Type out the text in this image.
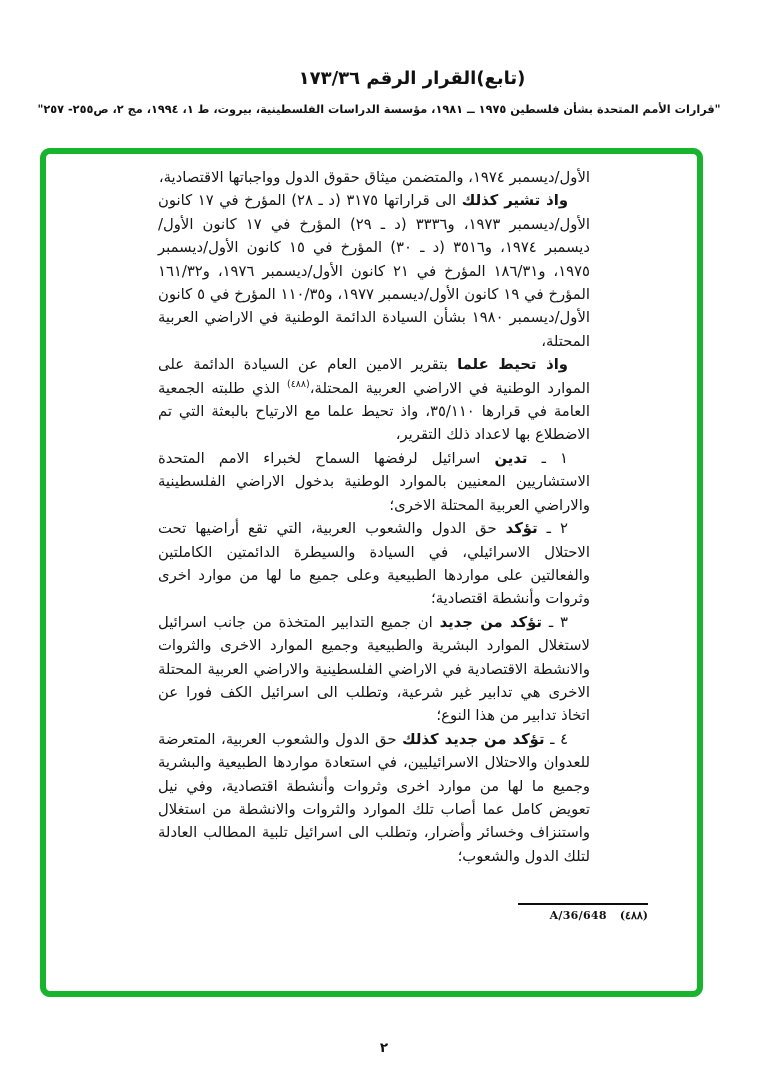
(تابع)القرار الرقم ١٧٣/٣٦
"قرارات الأمم المتحدة بشأن فلسطين ١٩٧٥ ــ ١٩٨١، مؤسسة الدراسات الفلسطينية، بيروت، ط ١، ١٩٩٤، مج ٢، ص٢٥٥- ٢٥٧"

الأول/ديسمبر ١٩٧٤، والمتضمن ميثاق حقوق الدول وواجباتها الاقتصادية،

واذ تشير كذلك الى قراراتها ٣١٧٥ (د ـ ٢٨) المؤرخ في ١٧ كانون الأول/ديسمبر ١٩٧٣، و٣٣٣٦ (د ـ ٢٩) المؤرخ في ١٧ كانون الأول/ديسمبر ١٩٧٤، و٣٥١٦ (د ـ ٣٠) المؤرخ في ١٥ كانون الأول/ديسمبر ١٩٧٥، و١٨٦/٣١ المؤرخ في ٢١ كانون الأول/ديسمبر ١٩٧٦، و١٦١/٣٢ المؤرخ في ١٩ كانون الأول/ديسمبر ١٩٧٧، و١١٠/٣٥ المؤرخ في ٥ كانون الأول/ديسمبر ١٩٨٠ بشأن السيادة الدائمة الوطنية في الاراضي العربية المحتلة،

واذ تحيط علما بتقرير الامين العام عن السيادة الدائمة على الموارد الوطنية في الاراضي العربية المحتلة،$^{(٤٨٨)}$ الذي طلبته الجمعية العامة في قرارها ٣٥/١١٠، واذ تحيط علما مع الارتياح بالبعثة التي تم الاضطلاع بها لاعداد ذلك التقرير،

١ ـ تدين اسرائيل لرفضها السماح لخبراء الامم المتحدة الاستشاريين المعنيين بالموارد الوطنية بدخول الاراضي الفلسطينية والاراضي العربية المحتلة الاخرى؛

٢ ـ تؤكد حق الدول والشعوب العربية، التي تقع أراضيها تحت الاحتلال الاسرائيلي، في السيادة والسيطرة الدائمتين الكاملتين والفعالتين على مواردها الطبيعية وعلى جميع ما لها من موارد اخرى وثروات وأنشطة اقتصادية؛

٣ ـ تؤكد من جديد ان جميع التدابير المتخذة من جانب اسرائيل لاستغلال الموارد البشرية والطبيعية وجميع الموارد الاخرى والثروات والانشطة الاقتصادية في الاراضي الفلسطينية والاراضي العربية المحتلة الاخرى هي تدابير غير شرعية، وتطلب الى اسرائيل الكف فورا عن اتخاذ تدابير من هذا النوع؛

٤ ـ تؤكد من جديد كذلك حق الدول والشعوب العربية، المتعرضة للعدوان والاحتلال الاسرائيليين، في استعادة مواردها الطبيعية والبشرية وجميع ما لها من موارد اخرى وثروات وأنشطة اقتصادية، وفي نيل تعويض كامل عما أصاب تلك الموارد والثروات والانشطة من استغلال واستنزاف وخسائر وأضرار، وتطلب الى اسرائيل تلبية المطالب العادلة لتلك الدول والشعوب؛

A/36/648 (٤٨٨)
٢
